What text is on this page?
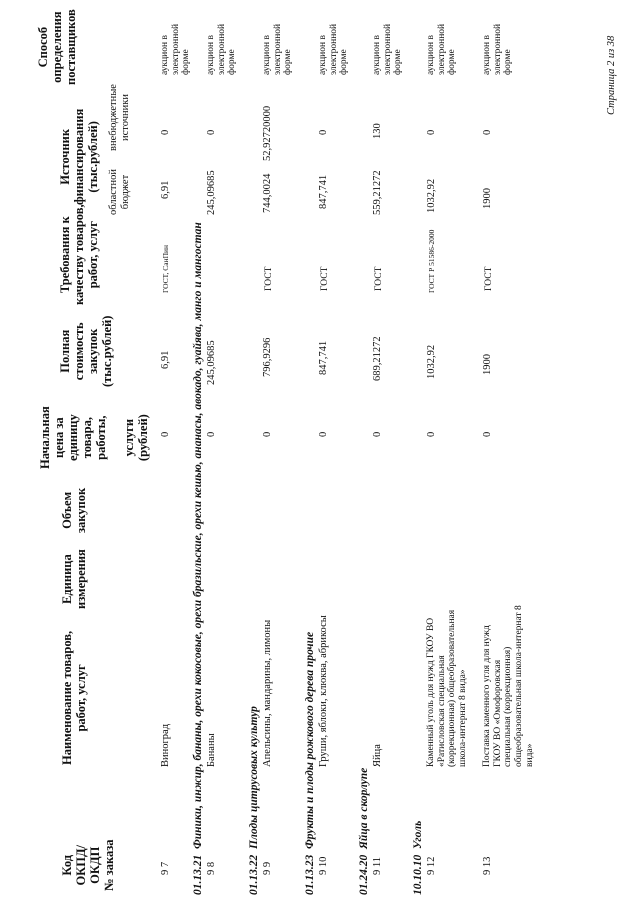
Код ОКПД/ ОКДП № заказа
Наименование товаров, работ, услуг
Единица измерения
Объем закупок
Начальная цена за единицу товара, работы,
услуги (рублей)
Полная стоимость закупок (тыс.рублей)
Требования к качеству товаров, работ, услуг
Источник финансирования (тыс.рублей) областной бюджет
внебюджетные источники
Способ определения поставщиков
9 7
Виноград
0
6,91
ГОСТ, СанПин
6,91
0
аукцион в электронной форме
01.13.21  Финики, инжир, бананы, орехи кокосовые, орехи бразильские, орехи кешью, ананасы, авокадо, гуайява, манго и мангостан
9 8
Бананы
0
245,09685
245,09685
0
аукцион в электронной форме
01.13.22  Плоды цитрусовых культур
9 9
Апельсины, мандарины, лимоны
0
796,9296
ГОСТ
744,0024
52,92720000
аукцион в электронной форме
01.13.23  Фрукты и плоды рожкового дерева прочие
9 10
Груши, яблоки, клюква, абрикосы
0
847,741
ГОСТ
847,741
0
аукцион в электронной форме
01.24.20  Яйца в скорлупе
9 11
Яйца
0
689,21272
ГОСТ
559,21272
130
аукцион в электронной форме
10.10.10  Уголь
9 12
Каменный уголь для нужд ГКОУ ВО «Ратисловская специальная (коррекционная) общеобразовательная школа-интернат 8 вида»
0
1032,92
ГОСТ Р 51586-2000
1032,92
0
аукцион в электронной форме
9 13
Поставка каменного угля для нужд ГКОУ ВО «Омофоровская специальная (коррекционная) общеобразовательная школа-интернат 8 вида»
0
1900
ГОСТ
1900
0
аукцион в электронной форме	Страница 2 из 38
